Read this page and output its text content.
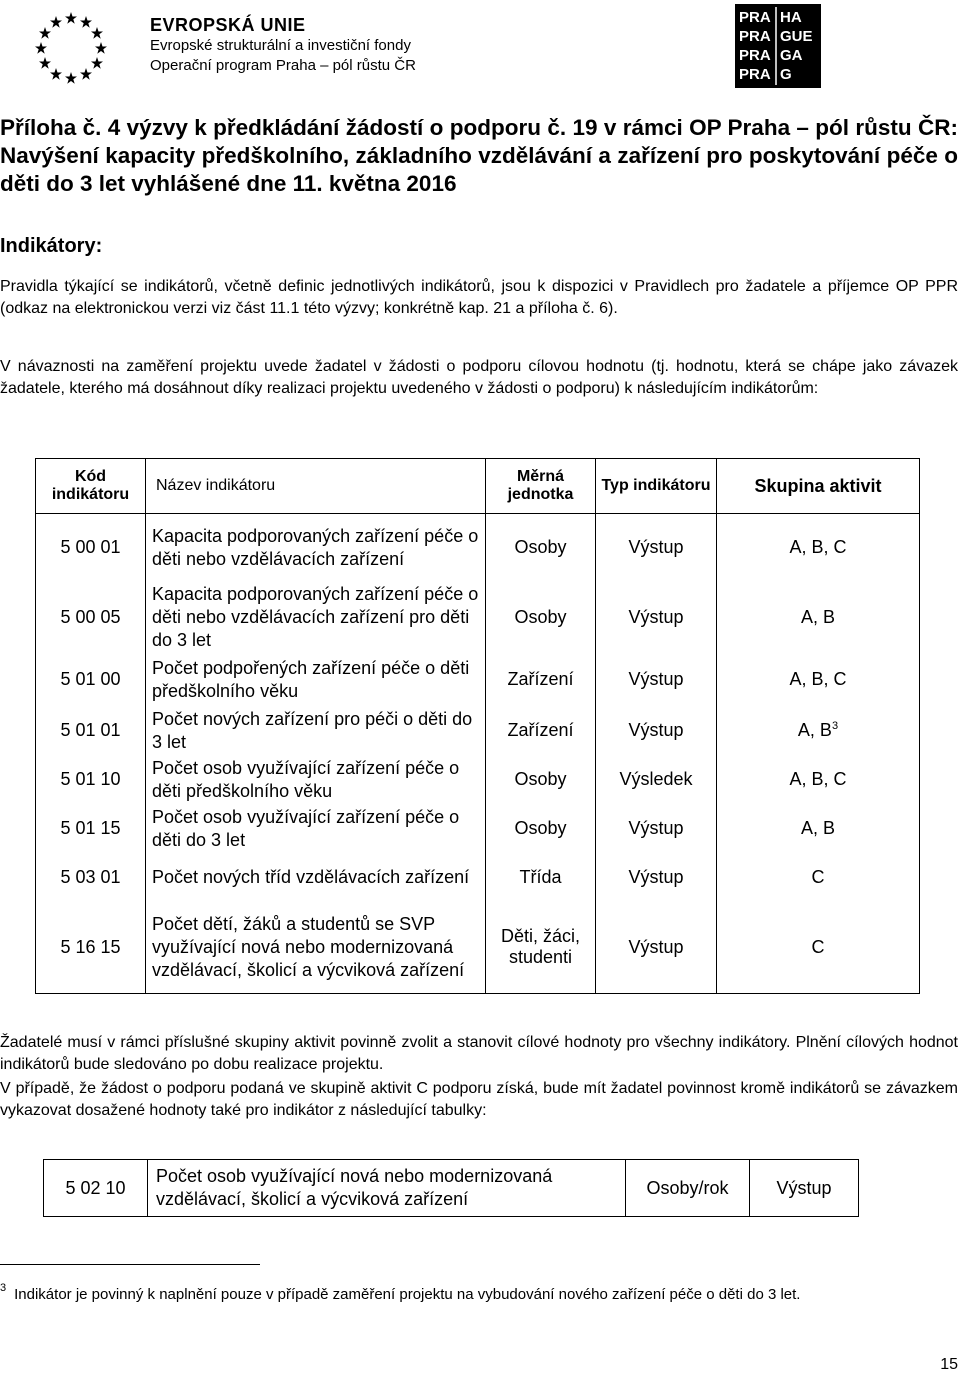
EVROPSKÁ UNIE
Evropské strukturální a investiční fondy
Operační program Praha – pól růstu ČR
PRA HA
PRA GUE
PRA GA
PRA G
Příloha č. 4 výzvy k předkládání žádostí o podporu č. 19 v rámci OP Praha – pól růstu ČR: Navýšení kapacity předškolního, základního vzdělávání a zařízení pro poskytování péče o děti do 3 let vyhlášené dne 11. května 2016
Indikátory:
Pravidla týkající se indikátorů, včetně definic jednotlivých indikátorů, jsou k dispozici v Pravidlech pro žadatele a příjemce OP PPR (odkaz na elektronickou verzi viz část 11.1 této výzvy; konkrétně kap. 21 a příloha č. 6).
V návaznosti na zaměření projektu uvede žadatel v žádosti o podporu cílovou hodnotu (tj. hodnotu, která se chápe jako závazek žadatele, kterého má dosáhnout díky realizaci projektu uvedeného v žádosti o podporu) k následujícím indikátorům:
Kód indikátoru	Název indikátoru	Měrná jednotka	Typ indikátoru	Skupina aktivit
5 00 01	Kapacita podporovaných zařízení péče o děti nebo vzdělávacích zařízení	Osoby	Výstup	A, B, C
5 00 05	Kapacita podporovaných zařízení péče o děti nebo vzdělávacích zařízení pro děti do 3 let	Osoby	Výstup	A, B
5 01 00	Počet podpořených zařízení péče o děti předškolního věku	Zařízení	Výstup	A, B, C
5 01 01	Počet nových zařízení pro péči o děti do 3 let	Zařízení	Výstup	A, $B^3$
5 01 10	Počet osob využívající zařízení péče o děti předškolního věku	Osoby	Výsledek	A, B, C
5 01 15	Počet osob využívající zařízení péče o děti do 3 let	Osoby	Výstup	A, B
5 03 01	Počet nových tříd vzdělávacích zařízení	Třída	Výstup	C
5 16 15	Počet dětí, žáků a studentů se SVP využívající nová nebo modernizovaná vzdělávací, školicí a výcviková zařízení	Děti, žáci, studenti	Výstup	C
Žadatelé musí v rámci příslušné skupiny aktivit povinně zvolit a stanovit cílové hodnoty pro všechny indikátory. Plnění cílových hodnot indikátorů bude sledováno po dobu realizace projektu.
V případě, že žádost o podporu podaná ve skupině aktivit C podporu získá, bude mít žadatel povinnost kromě indikátorů se závazkem vykazovat dosažené hodnoty také pro indikátor z následující tabulky:
5 02 10	Počet osob využívající nová nebo modernizovaná vzdělávací, školicí a výcviková zařízení	Osoby/rok	Výstup
$^3$ Indikátor je povinný k naplnění pouze v případě zaměření projektu na vybudování nového zařízení péče o děti do 3 let.
15
